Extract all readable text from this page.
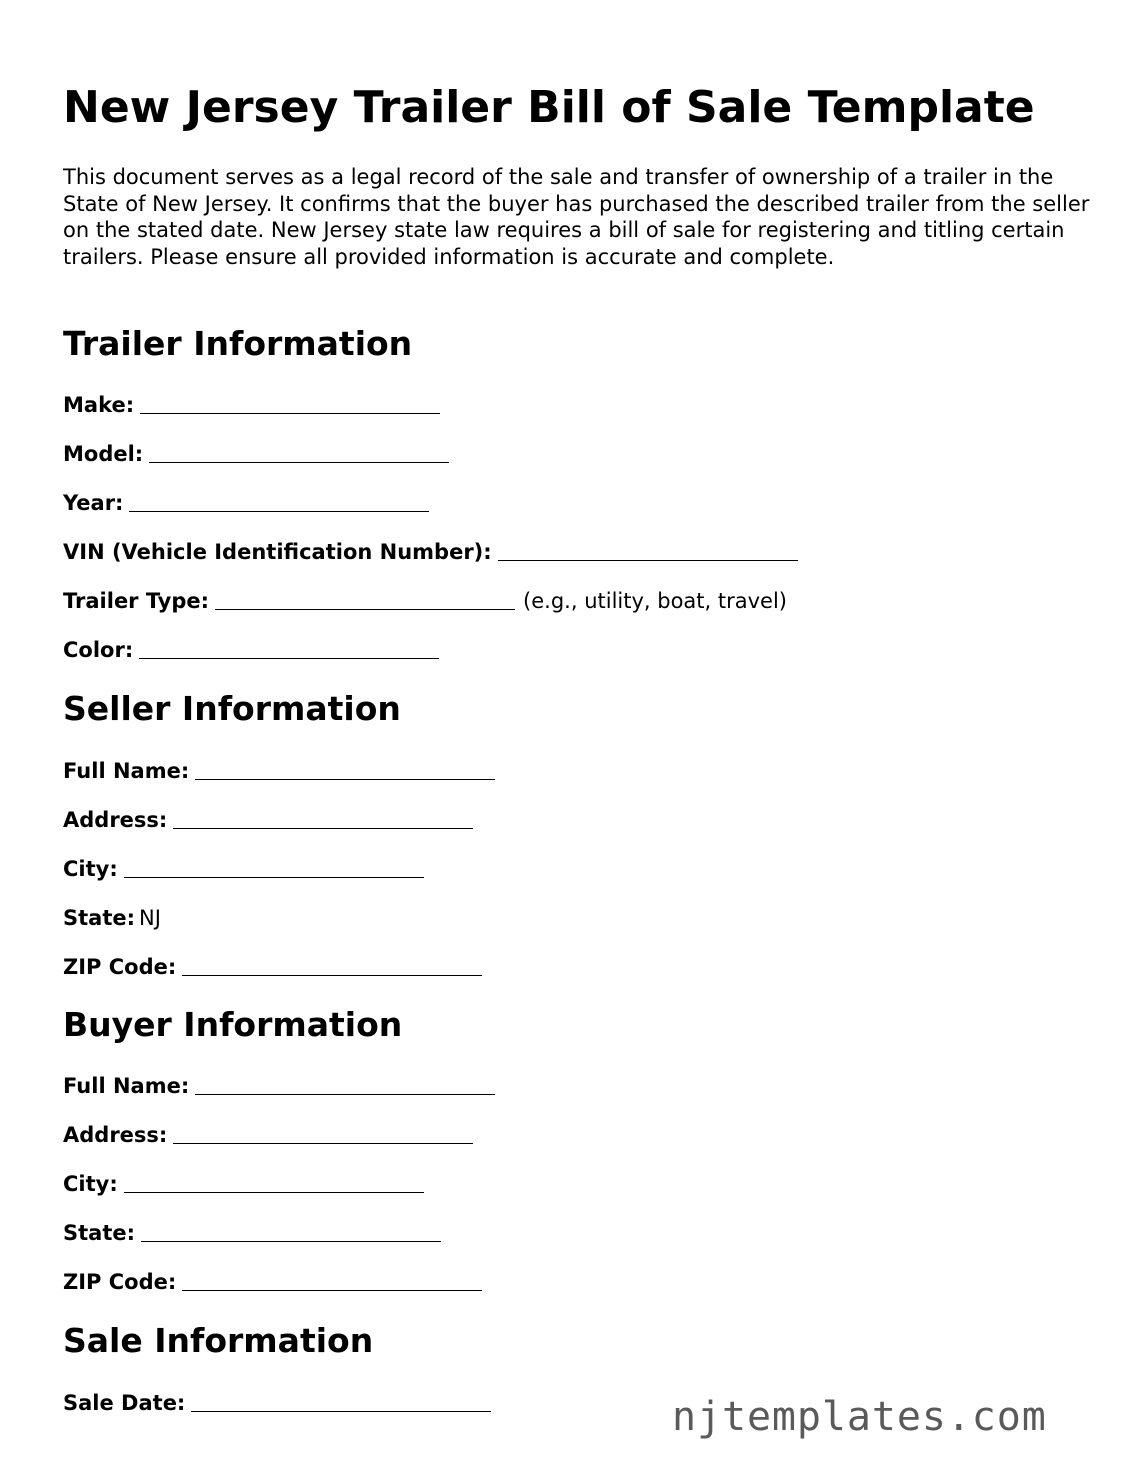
New Jersey Trailer Bill of Sale Template

This document serves as a legal record of the sale and transfer of ownership of a trailer in the State of New Jersey. It confirms that the buyer has purchased the described trailer from the seller on the stated date. New Jersey state law requires a bill of sale for registering and titling certain trailers. Please ensure all provided information is accurate and complete.

Trailer Information
Make:
Model:
Year:
VIN (Vehicle Identification Number):
Trailer Type:	(e.g., utility, boat, travel)
Color:
Seller Information
Full Name:
Address:
City:
State: NJ
ZIP Code:
Buyer Information
Full Name:
Address:
City:
State:
ZIP Code:
Sale Information
Sale Date:	njtemplates.com
